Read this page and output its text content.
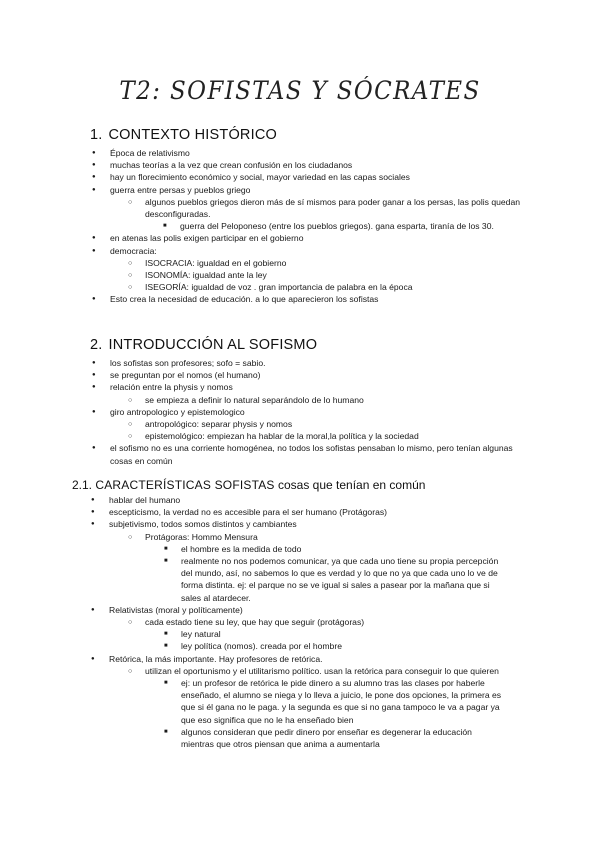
T2: SOFISTAS Y SÓCRATES
1. CONTEXTO HISTÓRICO
●
Época de relativismo
●
muchas teorías a la vez que crean confusión en los ciudadanos
●
hay un florecimiento económico y social, mayor variedad en las capas sociales
●
guerra entre persas y pueblos griego
○
algunos pueblos griegos dieron más de sí mismos para poder ganar a los persas, las polis quedan desconfiguradas.
■
guerra del Peloponeso (entre los pueblos griegos). gana esparta, tiranía de los 30.
●
en atenas las polis exigen participar en el gobierno
●
democracia:
○
ISOCRACIA: igualdad en el gobierno
○
ISONOMÍA: igualdad ante la ley
○
ISEGORÍA: igualdad de voz . gran importancia de palabra en la época
●
Esto crea la necesidad de educación. a lo que aparecieron los sofistas
2. INTRODUCCIÓN AL SOFISMO
●
los sofistas son profesores; sofo = sabio.
●
se preguntan por el nomos (el humano)
●
relación entre la physis y nomos
○
se empieza a definir lo natural separándolo de lo humano
●
giro antropologico y epistemologico
○
antropológico: separar physis y nomos
○
epistemológico: empiezan ha hablar de la moral,la política y la sociedad
●
el sofismo no es una corriente homogénea, no todos los sofistas pensaban lo mismo, pero tenían algunas cosas en común
2.1. CARACTERÍSTICAS SOFISTAS cosas que tenían en común
●
hablar del humano
●
escepticismo, la verdad no es accesible para el ser humano (Protágoras)
●
subjetivismo, todos somos distintos y cambiantes
○
Protágoras: Hommo Mensura
■
el hombre es la medida de todo
■
realmente no nos podemos comunicar, ya que cada uno tiene su propia percepción del mundo, así, no sabemos lo que es verdad y lo que no ya que cada uno lo ve de forma distinta. ej: el parque no se ve igual si sales a pasear por la mañana que si sales al atardecer.
●
Relativistas (moral y políticamente)
○
cada estado tiene su ley, que hay que seguir (protágoras)
■
ley natural
■
ley política (nomos). creada por el hombre
●
Retórica, la más importante. Hay profesores de retórica.
○
utilizan el oportunismo y el utilitarismo político. usan la retórica para conseguir lo que quieren
■
ej: un profesor de retórica le pide dinero a su alumno tras las clases por haberle enseñado, el alumno se niega y lo lleva a juicio, le pone dos opciones, la primera es que si él gana no le paga. y la segunda es que si no gana tampoco le va a pagar ya que eso significa que no le ha enseñado bien
■
algunos consideran que pedir dinero por enseñar es degenerar la educación mientras que otros piensan que anima a aumentarla
